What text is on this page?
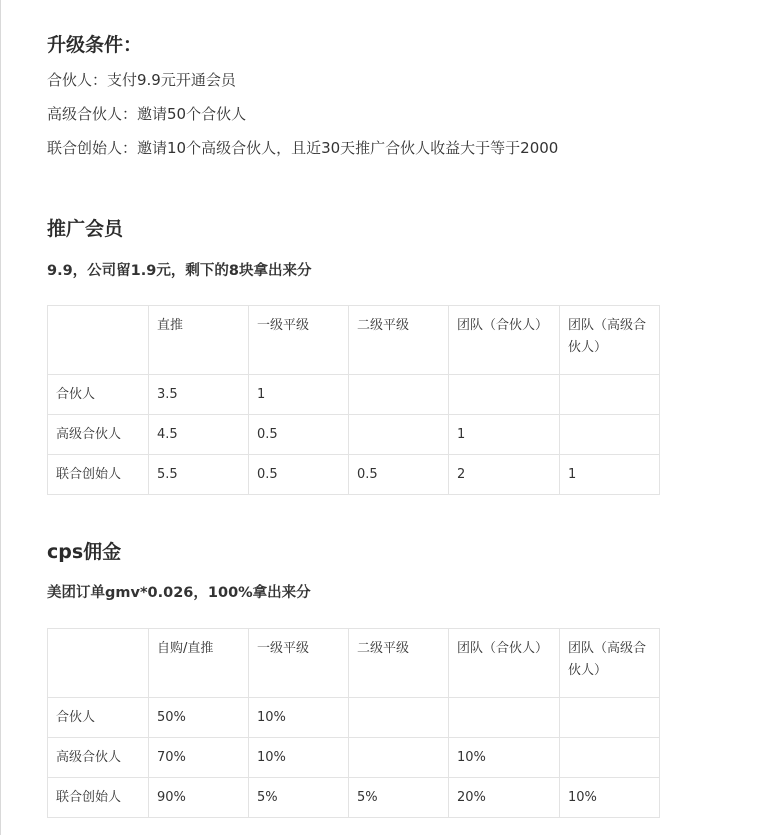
升级条件：
合伙人：支付9.9元开通会员
高级合伙人：邀请50个合伙人
联合创始人：邀请10个高级合伙人，且近30天推广合伙人收益大于等于2000
推广会员
9.9，公司留1.9元，剩下的8块拿出来分
	直推	一级平级	二级平级	团队（合伙人）	团队（高级合伙人）
合伙人	3.5	1			
高级合伙人	4.5	0.5		1	
联合创始人	5.5	0.5	0.5	2	1
cps佣金
美团订单gmv*0.026，100%拿出来分
	自购/直推	一级平级	二级平级	团队（合伙人）	团队（高级合伙人）
合伙人	50%	10%			
高级合伙人	70%	10%		10%	
联合创始人	90%	5%	5%	20%	10%
